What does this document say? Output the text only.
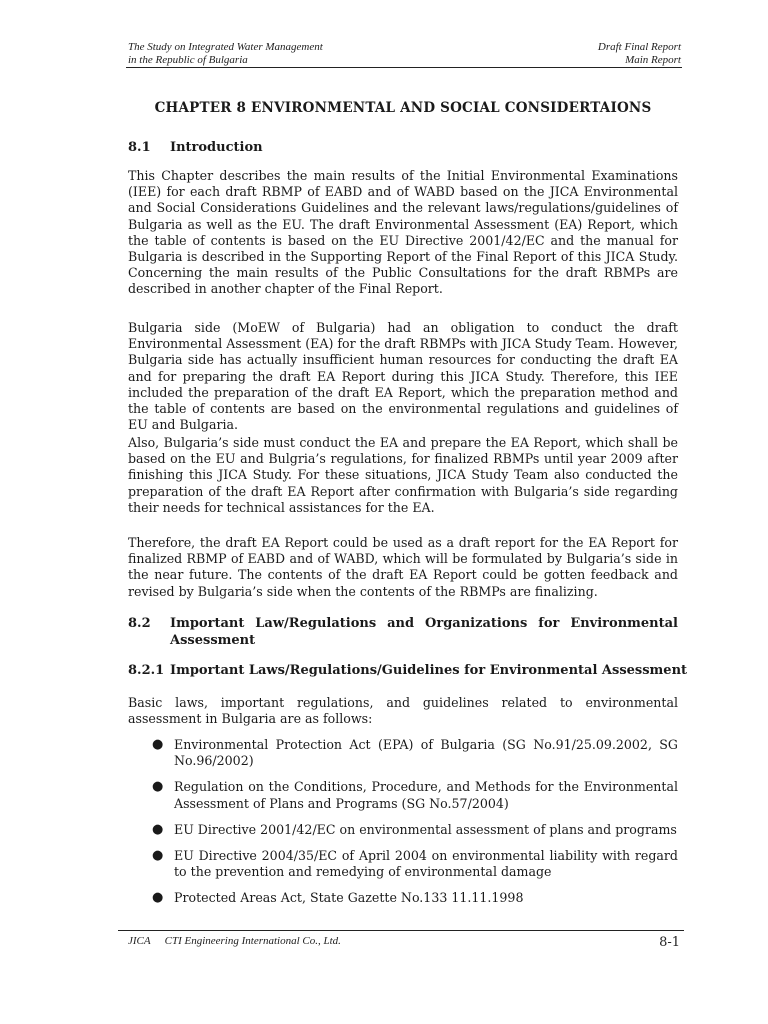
The Study on Integrated Water Management
in the Republic of Bulgaria
Draft Final Report
Main Report
CHAPTER 8 ENVIRONMENTAL AND SOCIAL CONSIDERTAIONS
8.1 Introduction

This Chapter describes the main results of the Initial Environmental Examinations (IEE) for each draft RBMP of EABD and of WABD based on the JICA Environmental and Social Considerations Guidelines and the relevant laws/regulations/guidelines of Bulgaria as well as the EU. The draft Environmental Assessment (EA) Report, which the table of contents is based on the EU Directive 2001/42/EC and the manual for Bulgaria is described in the Supporting Report of the Final Report of this JICA Study. Concerning the main results of the Public Consultations for the draft RBMPs are described in another chapter of the Final Report.

Bulgaria side (MoEW of Bulgaria) had an obligation to conduct the draft Environmental Assessment (EA) for the draft RBMPs with JICA Study Team. However, Bulgaria side has actually insufficient human resources for conducting the draft EA and for preparing the draft EA Report during this JICA Study. Therefore, this IEE included the preparation of the draft EA Report, which the preparation method and the table of contents are based on the environmental regulations and guidelines of EU and Bulgaria.

Also, Bulgaria’s side must conduct the EA and prepare the EA Report, which shall be based on the EU and Bulgria’s regulations, for finalized RBMPs until year 2009 after finishing this JICA Study. For these situations, JICA Study Team also conducted the preparation of the draft EA Report after confirmation with Bulgaria’s side regarding their needs for technical assistances for the EA.

Therefore, the draft EA Report could be used as a draft report for the EA Report for finalized RBMP of EABD and of WABD, which will be formulated by Bulgaria’s side in the near future. The contents of the draft EA Report could be gotten feedback and revised by Bulgaria’s side when the contents of the RBMPs are finalizing.

8.2 Important Law/Regulations and Organizations for Environmental Assessment
8.2.1 Important Laws/Regulations/Guidelines for Environmental Assessment

Basic laws, important regulations, and guidelines related to environmental assessment in Bulgaria are as follows:

● Environmental Protection Act (EPA) of Bulgaria (SG No.91/25.09.2002, SG No.96/2002)
● Regulation on the Conditions, Procedure, and Methods for the Environmental Assessment of Plans and Programs (SG No.57/2004)
● EU Directive 2001/42/EC on environmental assessment of plans and programs
● EU Directive 2004/35/EC of April 2004 on environmental liability with regard to the prevention and remedying of environmental damage
● Protected Areas Act, State Gazette No.133 11.11.1998
JICA CTI Engineering International Co., Ltd.	8-1
